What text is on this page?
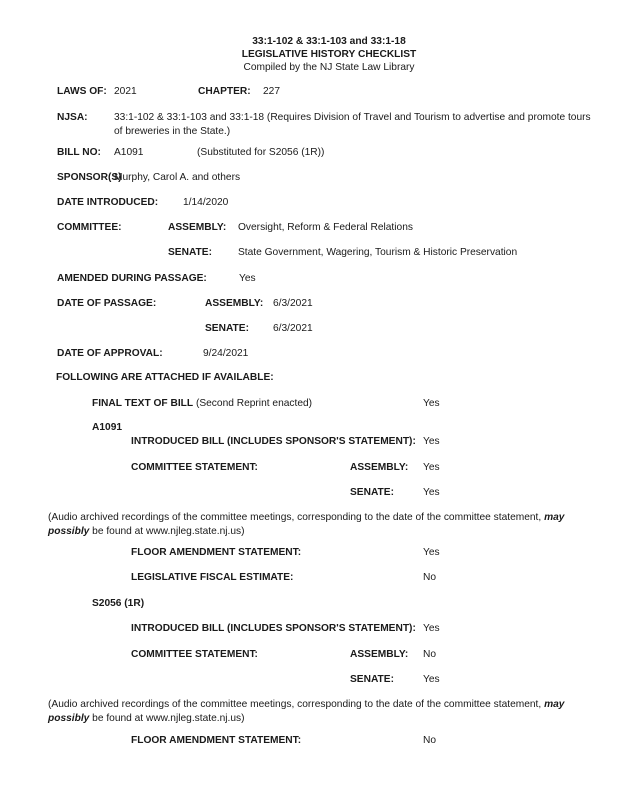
33:1-102 & 33:1-103 and 33:1-18
LEGISLATIVE HISTORY CHECKLIST
Compiled by the NJ State Law Library
LAWS OF: 2021	CHAPTER: 227
NJSA:	33:1-102 & 33:1-103 and 33:1-18 (Requires Division of Travel and Tourism to advertise and promote tours of breweries in the State.)
BILL NO: A1091	(Substituted for S2056 (1R))
SPONSOR(S)
Murphy, Carol A. and others
DATE INTRODUCED: 1/14/2020
COMMITTEE:	ASSEMBLY: Oversight, Reform & Federal Relations
SENATE:	State Government, Wagering, Tourism & Historic Preservation
AMENDED DURING PASSAGE:	Yes
DATE OF PASSAGE:	ASSEMBLY: 6/3/2021
SENATE: 6/3/2021
DATE OF APPROVAL:	9/24/2021
FOLLOWING ARE ATTACHED IF AVAILABLE:
FINAL TEXT OF BILL (Second Reprint enacted)	Yes
A1091
INTRODUCED BILL (INCLUDES SPONSOR'S STATEMENT): Yes
COMMITTEE STATEMENT:	ASSEMBLY: Yes
SENATE:	Yes
(Audio archived recordings of the committee meetings, corresponding to the date of the committee statement, may possibly be found at www.njleg.state.nj.us)
FLOOR AMENDMENT STATEMENT:	Yes
LEGISLATIVE FISCAL ESTIMATE:	No
S2056 (1R)
INTRODUCED BILL (INCLUDES SPONSOR'S STATEMENT): Yes
COMMITTEE STATEMENT:	ASSEMBLY: No
SENATE:	Yes
(Audio archived recordings of the committee meetings, corresponding to the date of the committee statement, may possibly be found at www.njleg.state.nj.us)
FLOOR AMENDMENT STATEMENT:	No
